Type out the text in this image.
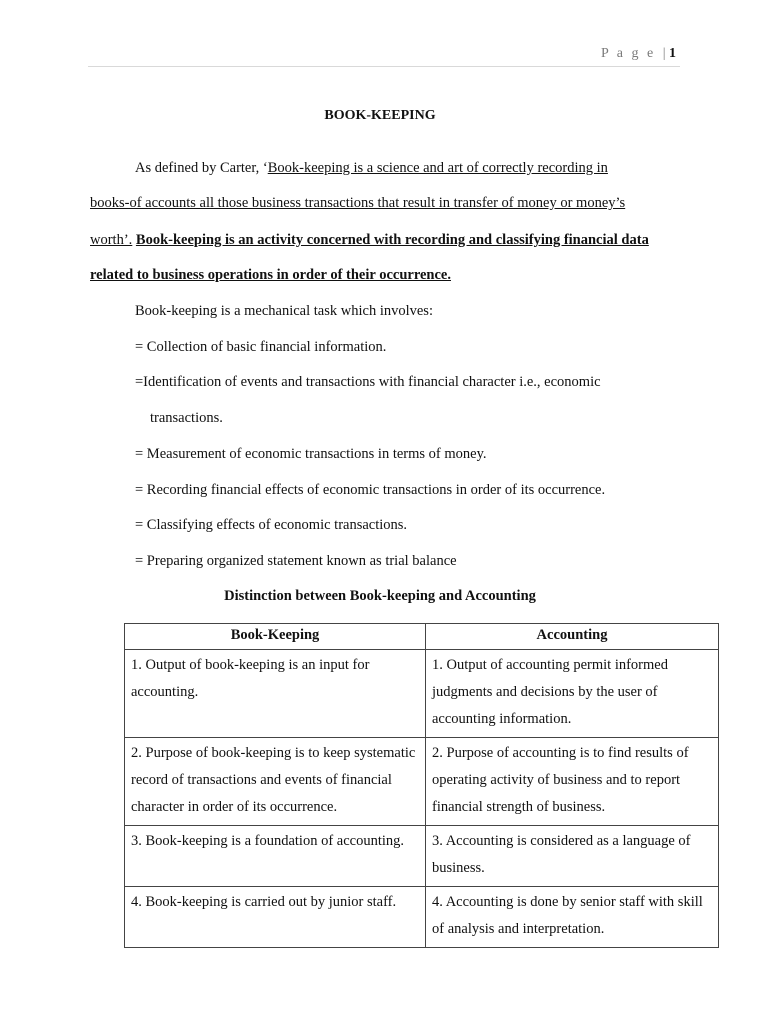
P a g e |1
BOOK-KEEPING
As defined by Carter, ‘Book-keeping is a science and art of correctly recording in
books-of accounts all those business transactions that result in transfer of money or money’s
worth’. Book-keeping is an activity concerned with recording and classifying financial data
related to business operations in order of their occurrence.
Book-keeping is a mechanical task which involves:
= Collection of basic financial information.
=Identification of events and transactions with financial character i.e., economic
transactions.
= Measurement of economic transactions in terms of money.
= Recording financial effects of economic transactions in order of its occurrence.
= Classifying effects of economic transactions.
= Preparing organized statement known as trial balance
Distinction between Book-keeping and Accounting
Book-Keeping	Accounting
1. Output of book-keeping is an input for accounting.	1. Output of accounting permit informed judgments and decisions by the user of accounting information.
2. Purpose of book-keeping is to keep systematic record of transactions and events of financial character in order of its occurrence.	2. Purpose of accounting is to find results of operating activity of business and to report financial strength of business.
3. Book-keeping is a foundation of accounting.	3. Accounting is considered as a language of business.
4. Book-keeping is carried out by junior staff.	4. Accounting is done by senior staff with skill of analysis and interpretation.
